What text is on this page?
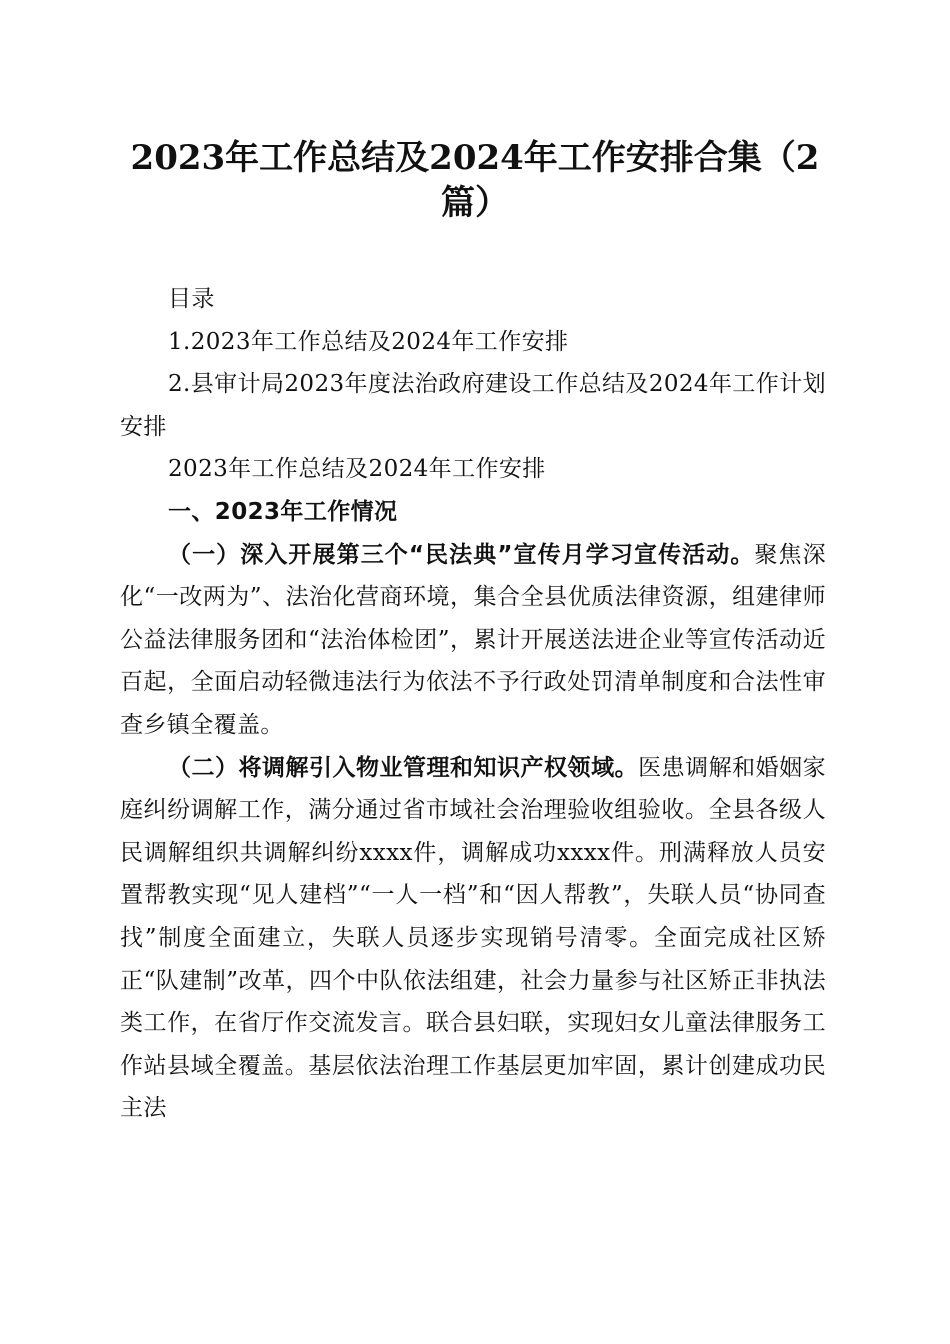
2023年工作总结及2024年工作安排合集（2篇）

目录

1.2023年工作总结及2024年工作安排

2.县审计局2023年度法治政府建设工作总结及2024年工作计划安排

2023年工作总结及2024年工作安排

一、2023年工作情况

（一）深入开展第三个“民法典”宣传月学习宣传活动。聚焦深化“一改两为”、法治化营商环境，集合全县优质法律资源，组建律师公益法律服务团和“法治体检团”，累计开展送法进企业等宣传活动近百起，全面启动轻微违法行为依法不予行政处罚清单制度和合法性审查乡镇全覆盖。

（二）将调解引入物业管理和知识产权领域。医患调解和婚姻家庭纠纷调解工作，满分通过省市域社会治理验收组验收。全县各级人民调解组织共调解纠纷xxxx件，调解成功xxxx件。刑满释放人员安置帮教实现“见人建档”“一人一档”和“因人帮教”，失联人员“协同查找”制度全面建立，失联人员逐步实现销号清零。全面完成社区矫正“队建制”改革，四个中队依法组建，社会力量参与社区矫正非执法类工作，在省厅作交流发言。联合县妇联，实现妇女儿童法律服务工作站县域全覆盖。基层依法治理工作基层更加牢固，累计创建成功民主法
